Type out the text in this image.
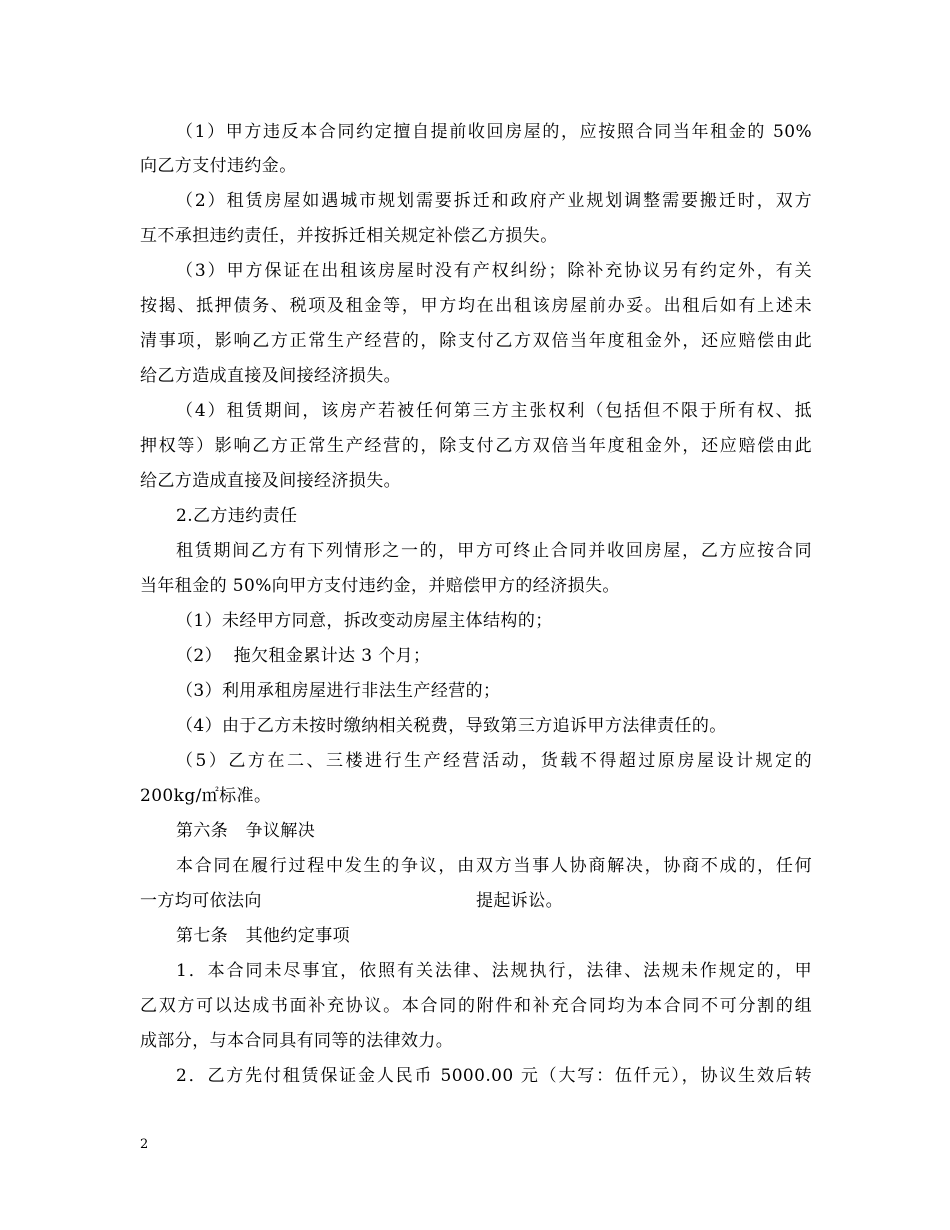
（1）甲方违反本合同约定擅自提前收回房屋的，应按照合同当年租金的 50%
向乙方支付违约金。
（2）租赁房屋如遇城市规划需要拆迁和政府产业规划调整需要搬迁时，双方
互不承担违约责任，并按拆迁相关规定补偿乙方损失。
（3）甲方保证在出租该房屋时没有产权纠纷；除补充协议另有约定外，有关
按揭、抵押债务、税项及租金等，甲方均在出租该房屋前办妥。出租后如有上述未
清事项，影响乙方正常生产经营的，除支付乙方双倍当年度租金外，还应赔偿由此
给乙方造成直接及间接经济损失。
（4）租赁期间，该房产若被任何第三方主张权利（包括但不限于所有权、抵
押权等）影响乙方正常生产经营的，除支付乙方双倍当年度租金外，还应赔偿由此
给乙方造成直接及间接经济损失。
2.乙方违约责任
租赁期间乙方有下列情形之一的，甲方可终止合同并收回房屋，乙方应按合同
当年租金的 50%向甲方支付违约金，并赔偿甲方的经济损失。
（1）未经甲方同意，拆改变动房屋主体结构的；
（2）  拖欠租金累计达 3 个月；
（3）利用承租房屋进行非法生产经营的；
（4）由于乙方未按时缴纳相关税费，导致第三方追诉甲方法律责任的。
（5）乙方在二、三楼进行生产经营活动，货载不得超过原房屋设计规定的
200kg/㎡标准。
第六条　争议解决
本合同在履行过程中发生的争议，由双方当事人协商解决，协商不成的，任何
一方均可依法向	提起诉讼。
第七条　其他约定事项
1．本合同未尽事宜，依照有关法律、法规执行，法律、法规未作规定的，甲
乙双方可以达成书面补充协议。本合同的附件和补充合同均为本合同不可分割的组
成部分，与本合同具有同等的法律效力。
2．乙方先付租赁保证金人民币 5000.00 元（大写：伍仟元），协议生效后转
2
